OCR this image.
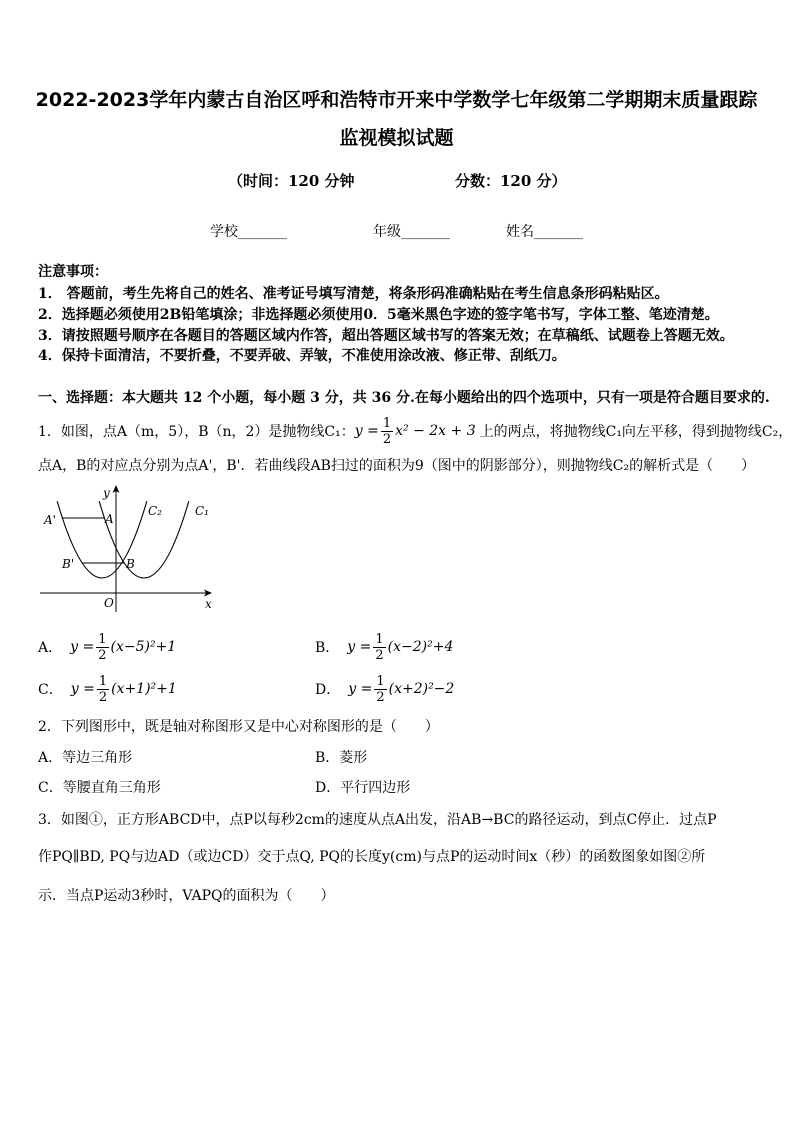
2022-2023学年内蒙古自治区呼和浩特市开来中学数学七年级第二学期期末质量跟踪
监视模拟试题
（时间：120 分钟	分数：120 分）
学校_______	年级_______	姓名_______
注意事项：
1． 答题前，考生先将自己的姓名、准考证号填写清楚，将条形码准确粘贴在考生信息条形码粘贴区。
2．选择题必须使用2B铅笔填涂；非选择题必须使用0．5毫米黑色字迹的签字笔书写，字体工整、笔迹清楚。
3．请按照题号顺序在各题目的答题区域内作答，超出答题区域书写的答案无效；在草稿纸、试题卷上答题无效。
4．保持卡面清洁，不要折叠，不要弄破、弄皱，不准使用涂改液、修正带、刮纸刀。
一、选择题：本大题共 12 个小题，每小题 3 分，共 36 分.在每小题给出的四个选项中，只有一项是符合题目要求的.
1．如图，点A（m，5），B（n，2）是抛物线C₁： $y = \frac{1}{2} x^2 - 2x + 3$ 上的两点，将抛物线C₁向左平移，得到抛物线C₂，
点A，B的对应点分别为点A'，B'．若曲线段AB扫过的面积为9（图中的阴影部分），则抛物线C₂的解析式是（　　）
y
x
O
A'	A
B'	B
C₂	C₁
A． $y = \frac{1}{2} (x-5)^2+1$	B． $y = \frac{1}{2} (x-2)^2+4$
C． $y = \frac{1}{2} (x+1)^2+1$	D． $y = \frac{1}{2} (x+2)^2-2$
2．下列图形中，既是轴对称图形又是中心对称图形的是（　　）
A．等边三角形	B．菱形
C．等腰直角三角形	D．平行四边形
3．如图①，正方形ABCD中，点P以每秒2cm的速度从点A出发，沿AB→BC的路径运动，到点C停止．过点P
作PQ∥BD, PQ与边AD（或边CD）交于点Q, PQ的长度y(cm)与点P的运动时间x（秒）的函数图象如图②所
示．当点P运动3秒时，VAPQ的面积为（　　）
